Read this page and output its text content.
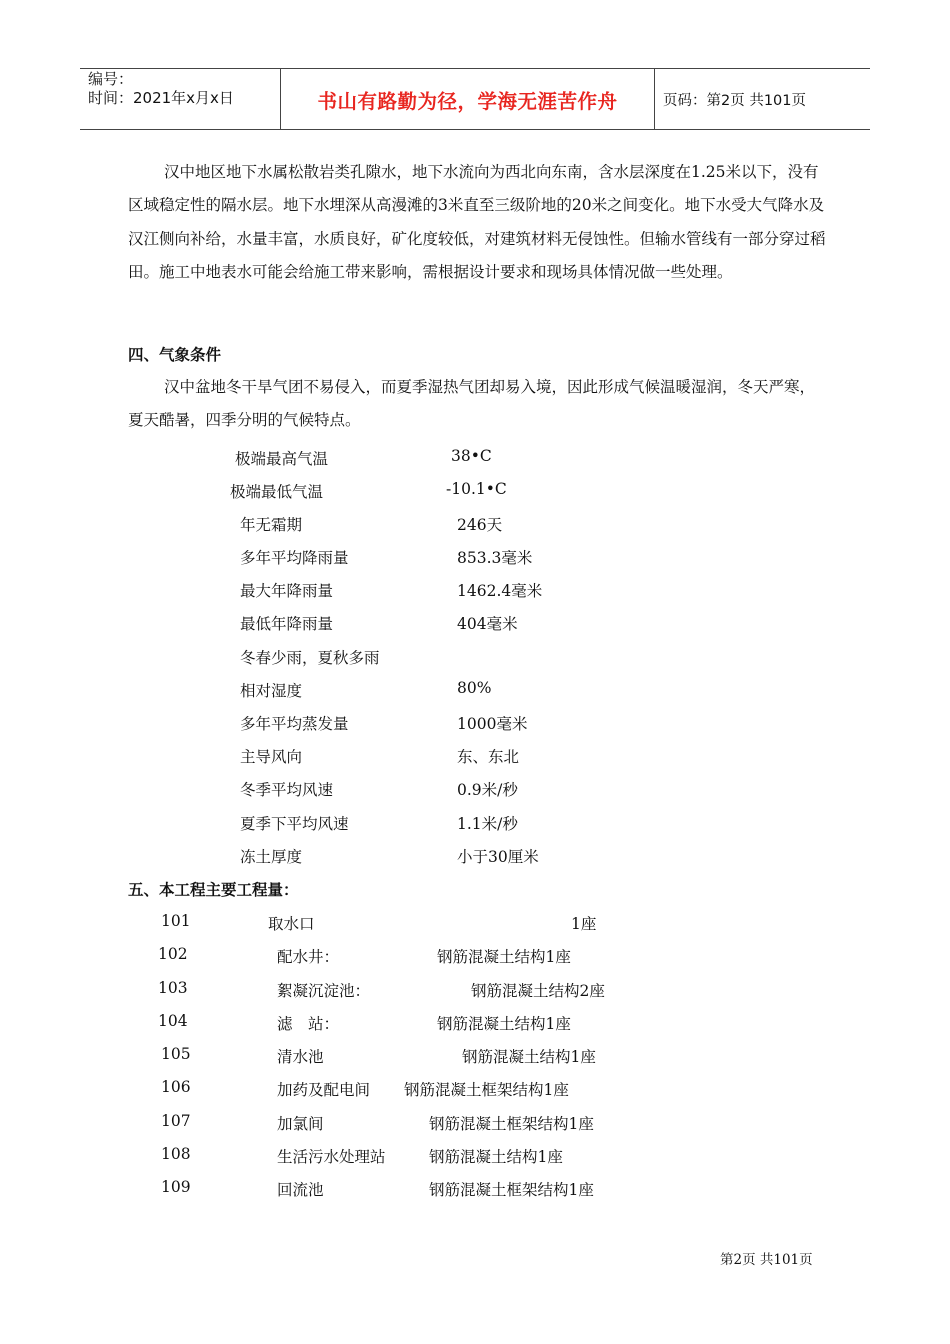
编号：
时间：2021年x月x日	书山有路勤为径，学海无涯苦作舟	页码：第2页 共101页

汉中地区地下水属松散岩类孔隙水，地下水流向为西北向东南，含水层深度在1.25米以下，没有区域稳定性的隔水层。地下水埋深从高漫滩的3米直至三级阶地的20米之间变化。地下水受大气降水及汉江侧向补给，水量丰富，水质良好，矿化度较低，对建筑材料无侵蚀性。但输水管线有一部分穿过稻田。施工中地表水可能会给施工带来影响，需根据设计要求和现场具体情况做一些处理。

四、气象条件

汉中盆地冬干旱气团不易侵入，而夏季湿热气团却易入境，因此形成气候温暖湿润，冬天严寒，夏天酷暑，四季分明的气候特点。

极端最高气温	38•C
极端最低气温	-10.1•C
年无霜期	246天
多年平均降雨量	853.3毫米
最大年降雨量	1462.4毫米
最低年降雨量	404毫米
冬春少雨，夏秋多雨
相对湿度	80%
多年平均蒸发量	1000毫米
主导风向	东、东北
冬季平均风速	0.9米/秒
夏季下平均风速	1.1米/秒
冻土厚度	小于30厘米
五、本工程主要工程量：
101	取水口	1座
102	配水井：	钢筋混凝土结构1座
103	絮凝沉淀池：	钢筋混凝土结构2座
104	滤　站：	钢筋混凝土结构1座
105	清水池	钢筋混凝土结构1座
106	加药及配电间 钢筋混凝土框架结构1座
107	加氯间	钢筋混凝土框架结构1座
108	生活污水处理站	钢筋混凝土结构1座
109	回流池	钢筋混凝土框架结构1座
第2页 共101页
